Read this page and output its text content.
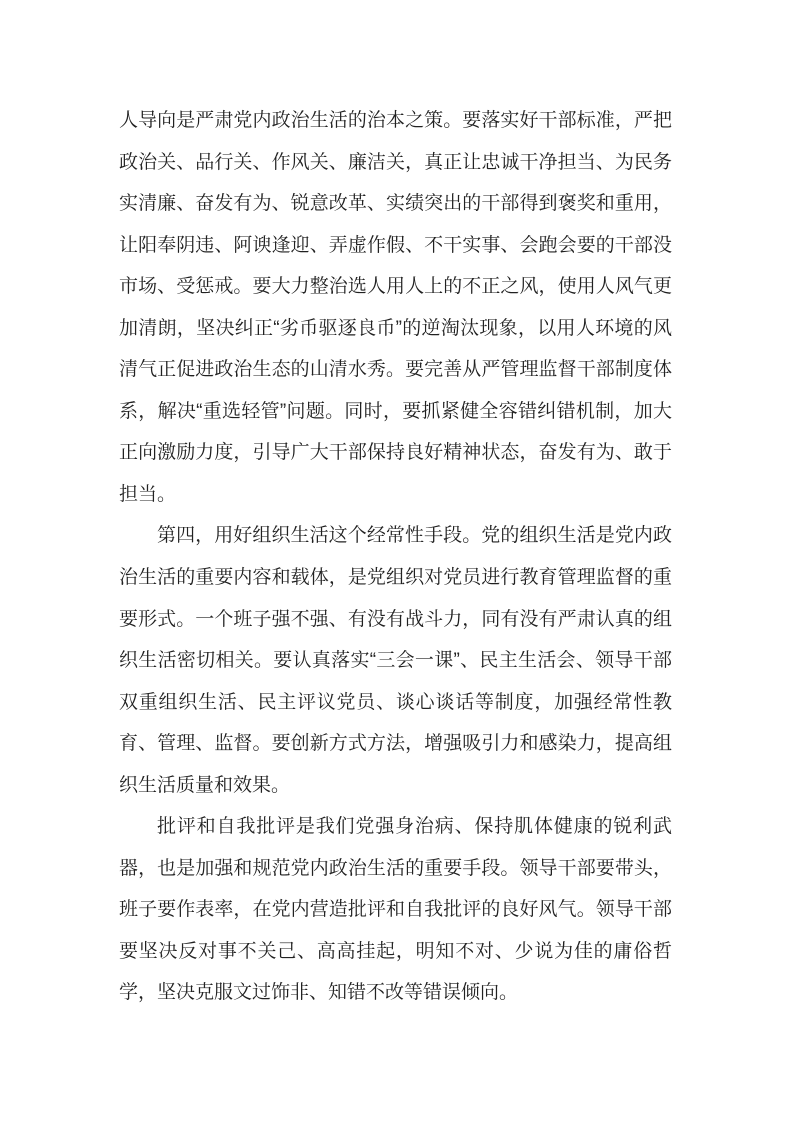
人导向是严肃党内政治生活的治本之策。要落实好干部标准，严把政治关、品行关、作风关、廉洁关，真正让忠诚干净担当、为民务实清廉、奋发有为、锐意改革、实绩突出的干部得到褒奖和重用，让阳奉阴违、阿谀逢迎、弄虚作假、不干实事、会跑会要的干部没市场、受惩戒。要大力整治选人用人上的不正之风，使用人风气更加清朗，坚决纠正“劣币驱逐良币”的逆淘汰现象，以用人环境的风清气正促进政治生态的山清水秀。要完善从严管理监督干部制度体系，解决“重选轻管”问题。同时，要抓紧健全容错纠错机制，加大正向激励力度，引导广大干部保持良好精神状态，奋发有为、敢于担当。

第四，用好组织生活这个经常性手段。党的组织生活是党内政治生活的重要内容和载体，是党组织对党员进行教育管理监督的重要形式。一个班子强不强、有没有战斗力，同有没有严肃认真的组织生活密切相关。要认真落实“三会一课”、民主生活会、领导干部双重组织生活、民主评议党员、谈心谈话等制度，加强经常性教育、管理、监督。要创新方式方法，增强吸引力和感染力，提高组织生活质量和效果。

批评和自我批评是我们党强身治病、保持肌体健康的锐利武器，也是加强和规范党内政治生活的重要手段。领导干部要带头，班子要作表率，在党内营造批评和自我批评的良好风气。领导干部要坚决反对事不关己、高高挂起，明知不对、少说为佳的庸俗哲学，坚决克服文过饰非、知错不改等错误倾向。
